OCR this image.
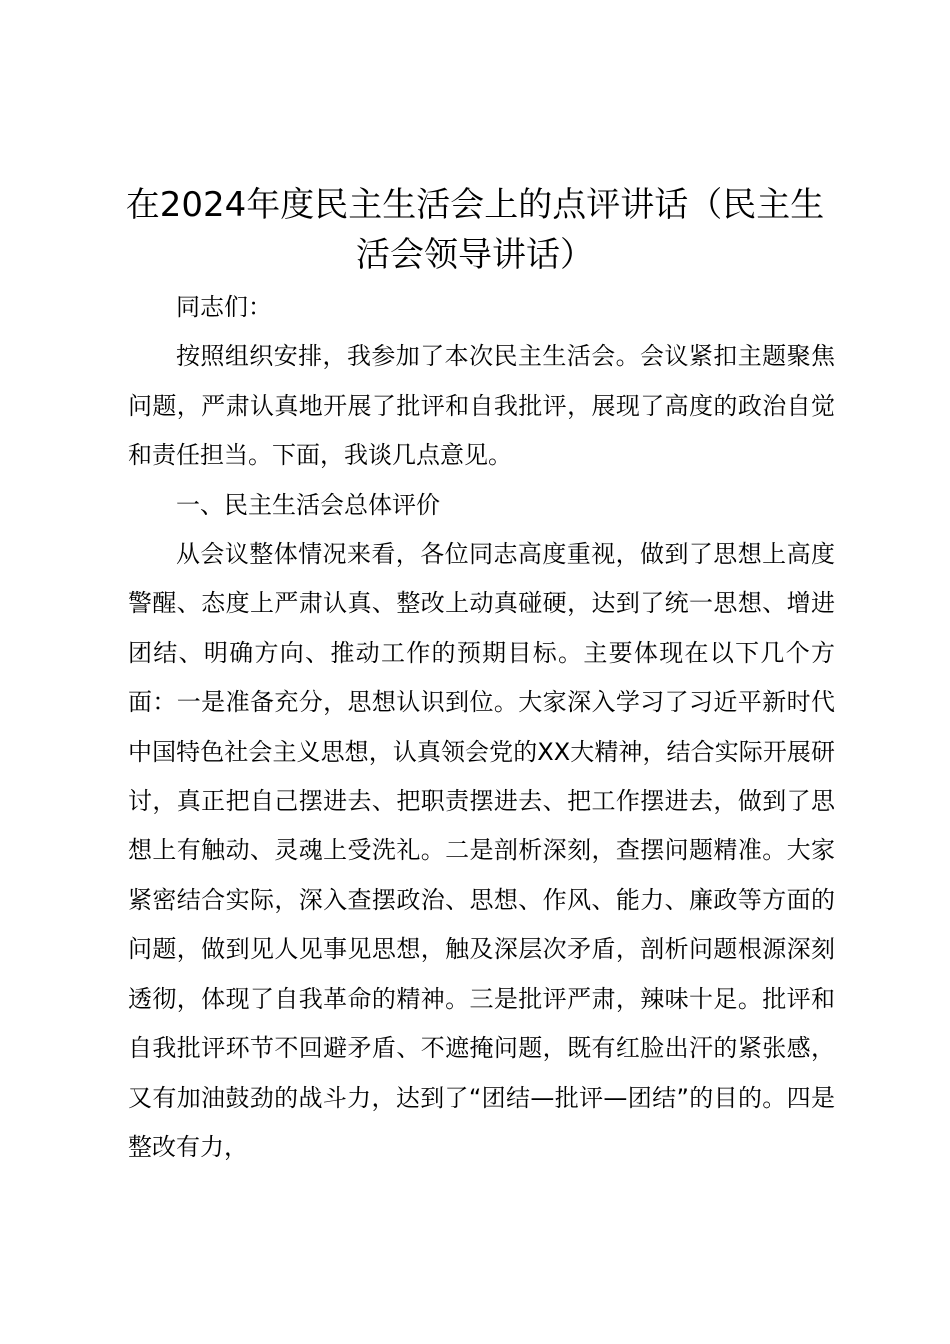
在2024年度民主生活会上的点评讲话（民主生活会领导讲话）

同志们：

按照组织安排，我参加了本次民主生活会。会议紧扣主题聚焦问题，严肃认真地开展了批评和自我批评，展现了高度的政治自觉和责任担当。下面，我谈几点意见。

一、民主生活会总体评价

从会议整体情况来看，各位同志高度重视，做到了思想上高度警醒、态度上严肃认真、整改上动真碰硬，达到了统一思想、增进团结、明确方向、推动工作的预期目标。主要体现在以下几个方面：一是准备充分，思想认识到位。大家深入学习了习近平新时代中国特色社会主义思想，认真领会党的XX大精神，结合实际开展研讨，真正把自己摆进去、把职责摆进去、把工作摆进去，做到了思想上有触动、灵魂上受洗礼。二是剖析深刻，查摆问题精准。大家紧密结合实际，深入查摆政治、思想、作风、能力、廉政等方面的问题，做到见人见事见思想，触及深层次矛盾，剖析问题根源深刻透彻，体现了自我革命的精神。三是批评严肃，辣味十足。批评和自我批评环节不回避矛盾、不遮掩问题，既有红脸出汗的紧张感，又有加油鼓劲的战斗力，达到了“团结—批评—团结”的目的。四是整改有力，
